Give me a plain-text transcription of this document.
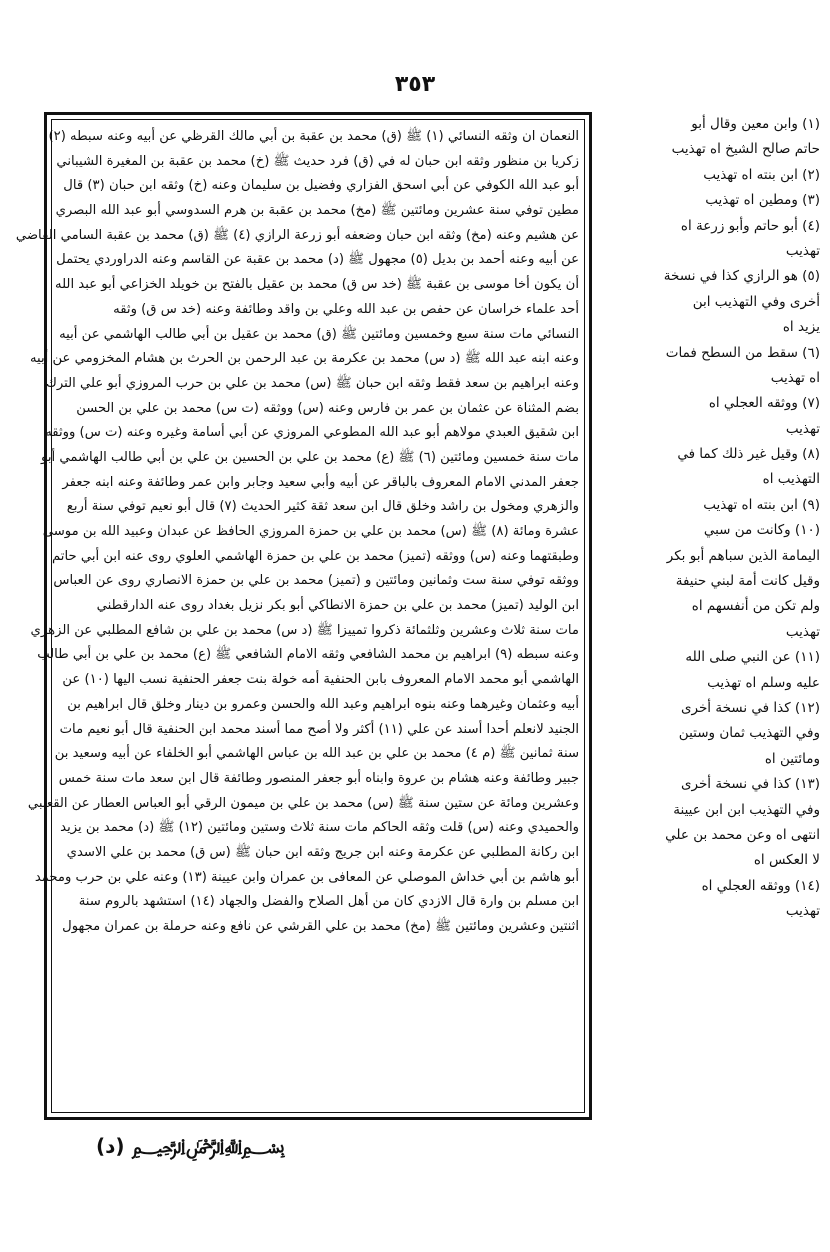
٣٥٣
النعمان ان وثقه النسائي (١) ﷺ (ق) محمد بن عقبة بن أبي مالك القرظي عن أبيه وعنه سبطه (٢)
زكريا بن منظور وثقه ابن حبان له في (ق) فرد حديث ﷺ (خ) محمد بن عقبة بن المغيرة الشيباني
أبو عبد الله الكوفي عن أبي اسحق الفزاري وفضيل بن سليمان وعنه (خ) وثقه ابن حبان (٣) قال
مطين توفي سنة عشرين ومائتين ﷺ (مخ) محمد بن عقبة بن هرم السدوسي أبو عبد الله البصري
عن هشيم وعنه (مخ) وثقه ابن حبان وضعفه أبو زرعة الرازي (٤) ﷺ (ق) محمد بن عقبة السامي القاضي
عن أبيه وعنه أحمد بن بديل (٥) مجهول ﷺ (د) محمد بن عقبة عن القاسم وعنه الدراوردي يحتمل
أن يكون أخا موسى بن عقبة ﷺ (خد س ق) محمد بن عقيل بالفتح بن خويلد الخزاعي أبو عبد الله
أحد علماء خراسان عن حفص بن عبد الله وعلي بن واقد وطائفة وعنه (خد س ق) وثقه
النسائي مات سنة سبع وخمسين ومائتين ﷺ (ق) محمد بن عقيل بن أبي طالب الهاشمي عن أبيه
وعنه ابنه عبد الله ﷺ (د س) محمد بن عكرمة بن عبد الرحمن بن الحرث بن هشام المخزومي عن أبيه
وعنه ابراهيم بن سعد فقط وثقه ابن حبان ﷺ (س) محمد بن علي بن حرب المروزي أبو علي الترك
بضم المثناة عن عثمان بن عمر بن فارس وعنه (س) ووثقه (ت س) محمد بن علي بن الحسن
ابن شقيق العبدي مولاهم أبو عبد الله المطوعي المروزي عن أبي أسامة وغيره وعنه (ت س) ووثقه
مات سنة خمسين ومائتين (٦) ﷺ (ع) محمد بن علي بن الحسين بن علي بن أبي طالب الهاشمي أبو
جعفر المدني الامام المعروف بالباقر عن أبيه وأبي سعيد وجابر وابن عمر وطائفة وعنه ابنه جعفر
والزهري ومخول بن راشد وخلق قال ابن سعد ثقة كثير الحديث (٧) قال أبو نعيم توفي سنة أربع
عشرة ومائة (٨) ﷺ (س) محمد بن علي بن حمزة المروزي الحافظ عن عبدان وعبيد الله بن موسى
وطبقتهما وعنه (س) ووثقه (تميز) محمد بن علي بن حمزة الهاشمي العلوي روى عنه ابن أبي حاتم
ووثقه توفي سنة ست وثمانين ومائتين و (تميز) محمد بن علي بن حمزة الانصاري روى عن العباس
ابن الوليد (تميز) محمد بن علي بن حمزة الانطاكي أبو بكر نزيل بغداد روى عنه الدارقطني
مات سنة ثلاث وعشرين وثلثمائة ذكروا تمييزا ﷺ (د س) محمد بن علي بن شافع المطلبي عن الزهري
وعنه سبطه (٩) ابراهيم بن محمد الشافعي وثقه الامام الشافعي ﷺ (ع) محمد بن علي بن أبي طالب
الهاشمي أبو محمد الامام المعروف بابن الحنفية أمه خولة بنت جعفر الحنفية نسب اليها (١٠) عن
أبيه وعثمان وغيرهما وعنه بنوه ابراهيم وعبد الله والحسن وعمرو بن دينار وخلق قال ابراهيم بن
الجنيد لانعلم أحدا أسند عن علي (١١) أكثر ولا أصح مما أسند محمد ابن الحنفية قال أبو نعيم مات
سنة ثمانين ﷺ (م ٤) محمد بن علي بن عبد الله بن عباس الهاشمي أبو الخلفاء عن أبيه وسعيد بن
جبير وطائفة وعنه هشام بن عروة وابناه أبو جعفر المنصور وطائفة قال ابن سعد مات سنة خمس
وعشرين ومائة عن ستين سنة ﷺ (س) محمد بن علي بن ميمون الرقي أبو العباس العطار عن القعنبي
والحميدي وعنه (س) قلت وثقه الحاكم مات سنة ثلاث وستين ومائتين (١٢) ﷺ (د) محمد بن يزيد
ابن ركانة المطلبي عن عكرمة وعنه ابن جريج وثقه ابن حبان ﷺ (س ق) محمد بن علي الاسدي
أبو هاشم بن أبي خداش الموصلي عن المعافى بن عمران وابن عيينة (١٣) وعنه علي بن حرب ومحمد
ابن مسلم بن وارة قال الازدي كان من أهل الصلاح والفضل والجهاد (١٤) استشهد بالروم سنة
اثنتين وعشرين ومائتين ﷺ (مخ) محمد بن علي القرشي عن نافع وعنه حرملة بن عمران مجهول
(١) وابن معين وقال أبو
حاتم صالح الشيخ اه تهذيب
(٢) ابن بنته اه تهذيب
(٣) ومطين اه تهذيب
(٤) أبو حاتم وأبو زرعة اه
تهذيب
(٥) هو الرازي كذا في نسخة
أخرى وفي التهذيب ابن
يزيد اه
(٦) سقط من السطح فمات
اه تهذيب
(٧) ووثقه العجلي اه
تهذيب
(٨) وقيل غير ذلك كما في
التهذيب اه
(٩) ابن بنته اه تهذيب
(١٠) وكانت من سبي
اليمامة الذين سباهم أبو بكر
وقيل كانت أمة لبني حنيفة
ولم تكن من أنفسهم اه
تهذيب
(١١) عن النبي صلى الله
عليه وسلم اه تهذيب
(١٢) كذا في نسخة أخرى
وفي التهذيب ثمان وستين
ومائتين اه
(١٣) كذا في نسخة أخرى
وفي التهذيب ابن ابن عيينة
انتهى اه وعن محمد بن علي
لا العكس اه
(١٤) ووثقه العجلي اه
تهذيب
﷽ (د)
